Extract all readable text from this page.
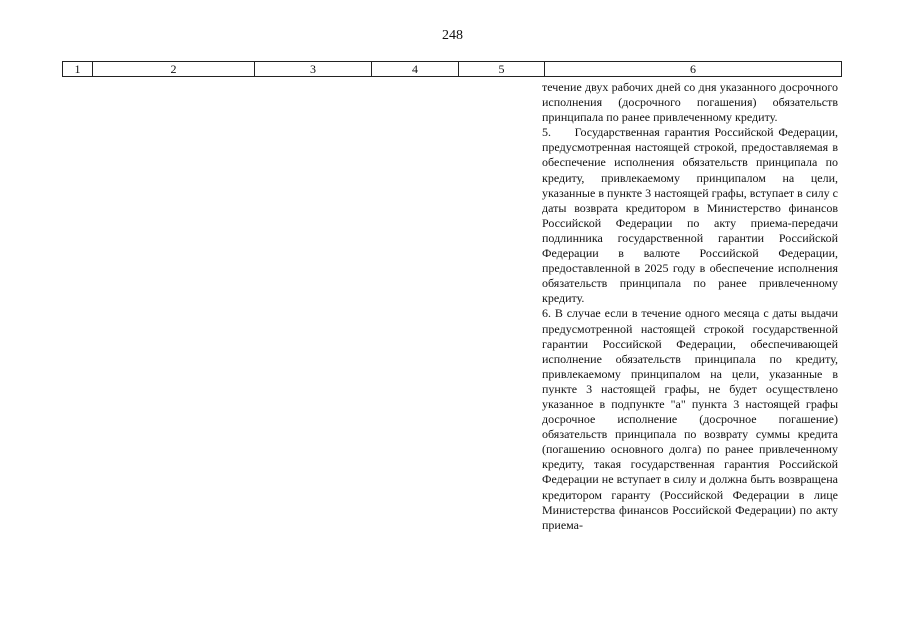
248
1	2	3	4	5	6

течение двух рабочих дней со дня указанного досрочного исполнения (досрочного погашения) обязательств принципала по ранее привлеченному кредиту.

5.     Государственная гарантия Российской Федерации, предусмотренная настоящей строкой, предоставляемая в обеспечение исполнения обязательств принципала по кредиту, привлекаемому принципалом на цели, указанные в пункте 3 настоящей графы, вступает в силу с даты возврата кредитором в Министерство финансов Российской Федерации по акту приема-передачи подлинника государственной гарантии Российской Федерации в валюте Российской Федерации, предоставленной в 2025 году в обеспечение исполнения обязательств принципала по ранее привлеченному кредиту.

6. В случае если в течение одного месяца с даты выдачи предусмотренной настоящей строкой государственной гарантии Российской Федерации, обеспечивающей исполнение обязательств принципала по кредиту, привлекаемому принципалом на цели, указанные в пункте 3 настоящей графы, не будет осуществлено указанное в подпункте "а" пункта 3 настоящей графы досрочное исполнение (досрочное погашение) обязательств принципала по возврату суммы кредита (погашению основного долга) по ранее привлеченному кредиту, такая государственная гарантия Российской Федерации не вступает в силу и должна быть возвращена кредитором гаранту (Российской Федерации в лице Министерства финансов Российской Федерации) по акту приема-
